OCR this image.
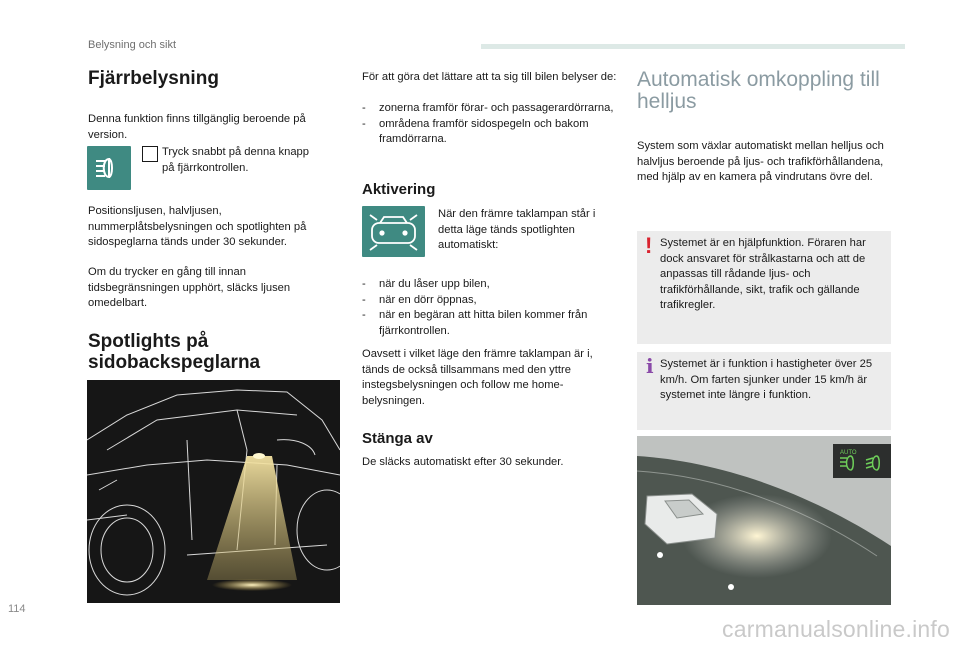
Belysning och sikt
Fjärrbelysning

Denna funktion finns tillgänglig beroende på version.

Tryck snabbt på denna knapp
på fjärrkontrollen.

Positionsljusen, halvljusen, nummerplåtsbelysningen och spotlighten på sidospeglarna tänds under 30 sekunder.

Om du trycker en gång till innan tidsbegränsningen upphört, släcks ljusen omedelbart.

Spotlights på
sidobackspeglarna

För att göra det lättare att ta sig till bilen belyser de:

- zonerna framför förar- och passagerardörrarna,
- områdena framför sidospegeln och bakom framdörrarna.
Aktivering

När den främre taklampan står i detta läge tänds spotlighten automatiskt:

- när du låser upp bilen,
- när en dörr öppnas,
- när en begäran att hitta bilen kommer från fjärrkontrollen.

Oavsett i vilket läge den främre taklampan är i, tänds de också tillsammans med den yttre instegsbelysningen och follow me home-belysningen.

Stänga av

De släcks automatiskt efter 30 sekunder.

Automatisk omkoppling till
helljus

System som växlar automatiskt mellan helljus och halvljus beroende på ljus- och trafikförhållandena, med hjälp av en kamera på vindrutans övre del.

! Systemet är en hjälpfunktion. Föraren har dock ansvaret för strålkastarna och att de anpassas till rådande ljus- och trafikförhållande, sikt, trafik och gällande trafikregler.

i Systemet är i funktion i hastigheter över 25 km/h. Om farten sjunker under 15 km/h är systemet inte längre i funktion.

AUTO
114
carmanualsonline.info
